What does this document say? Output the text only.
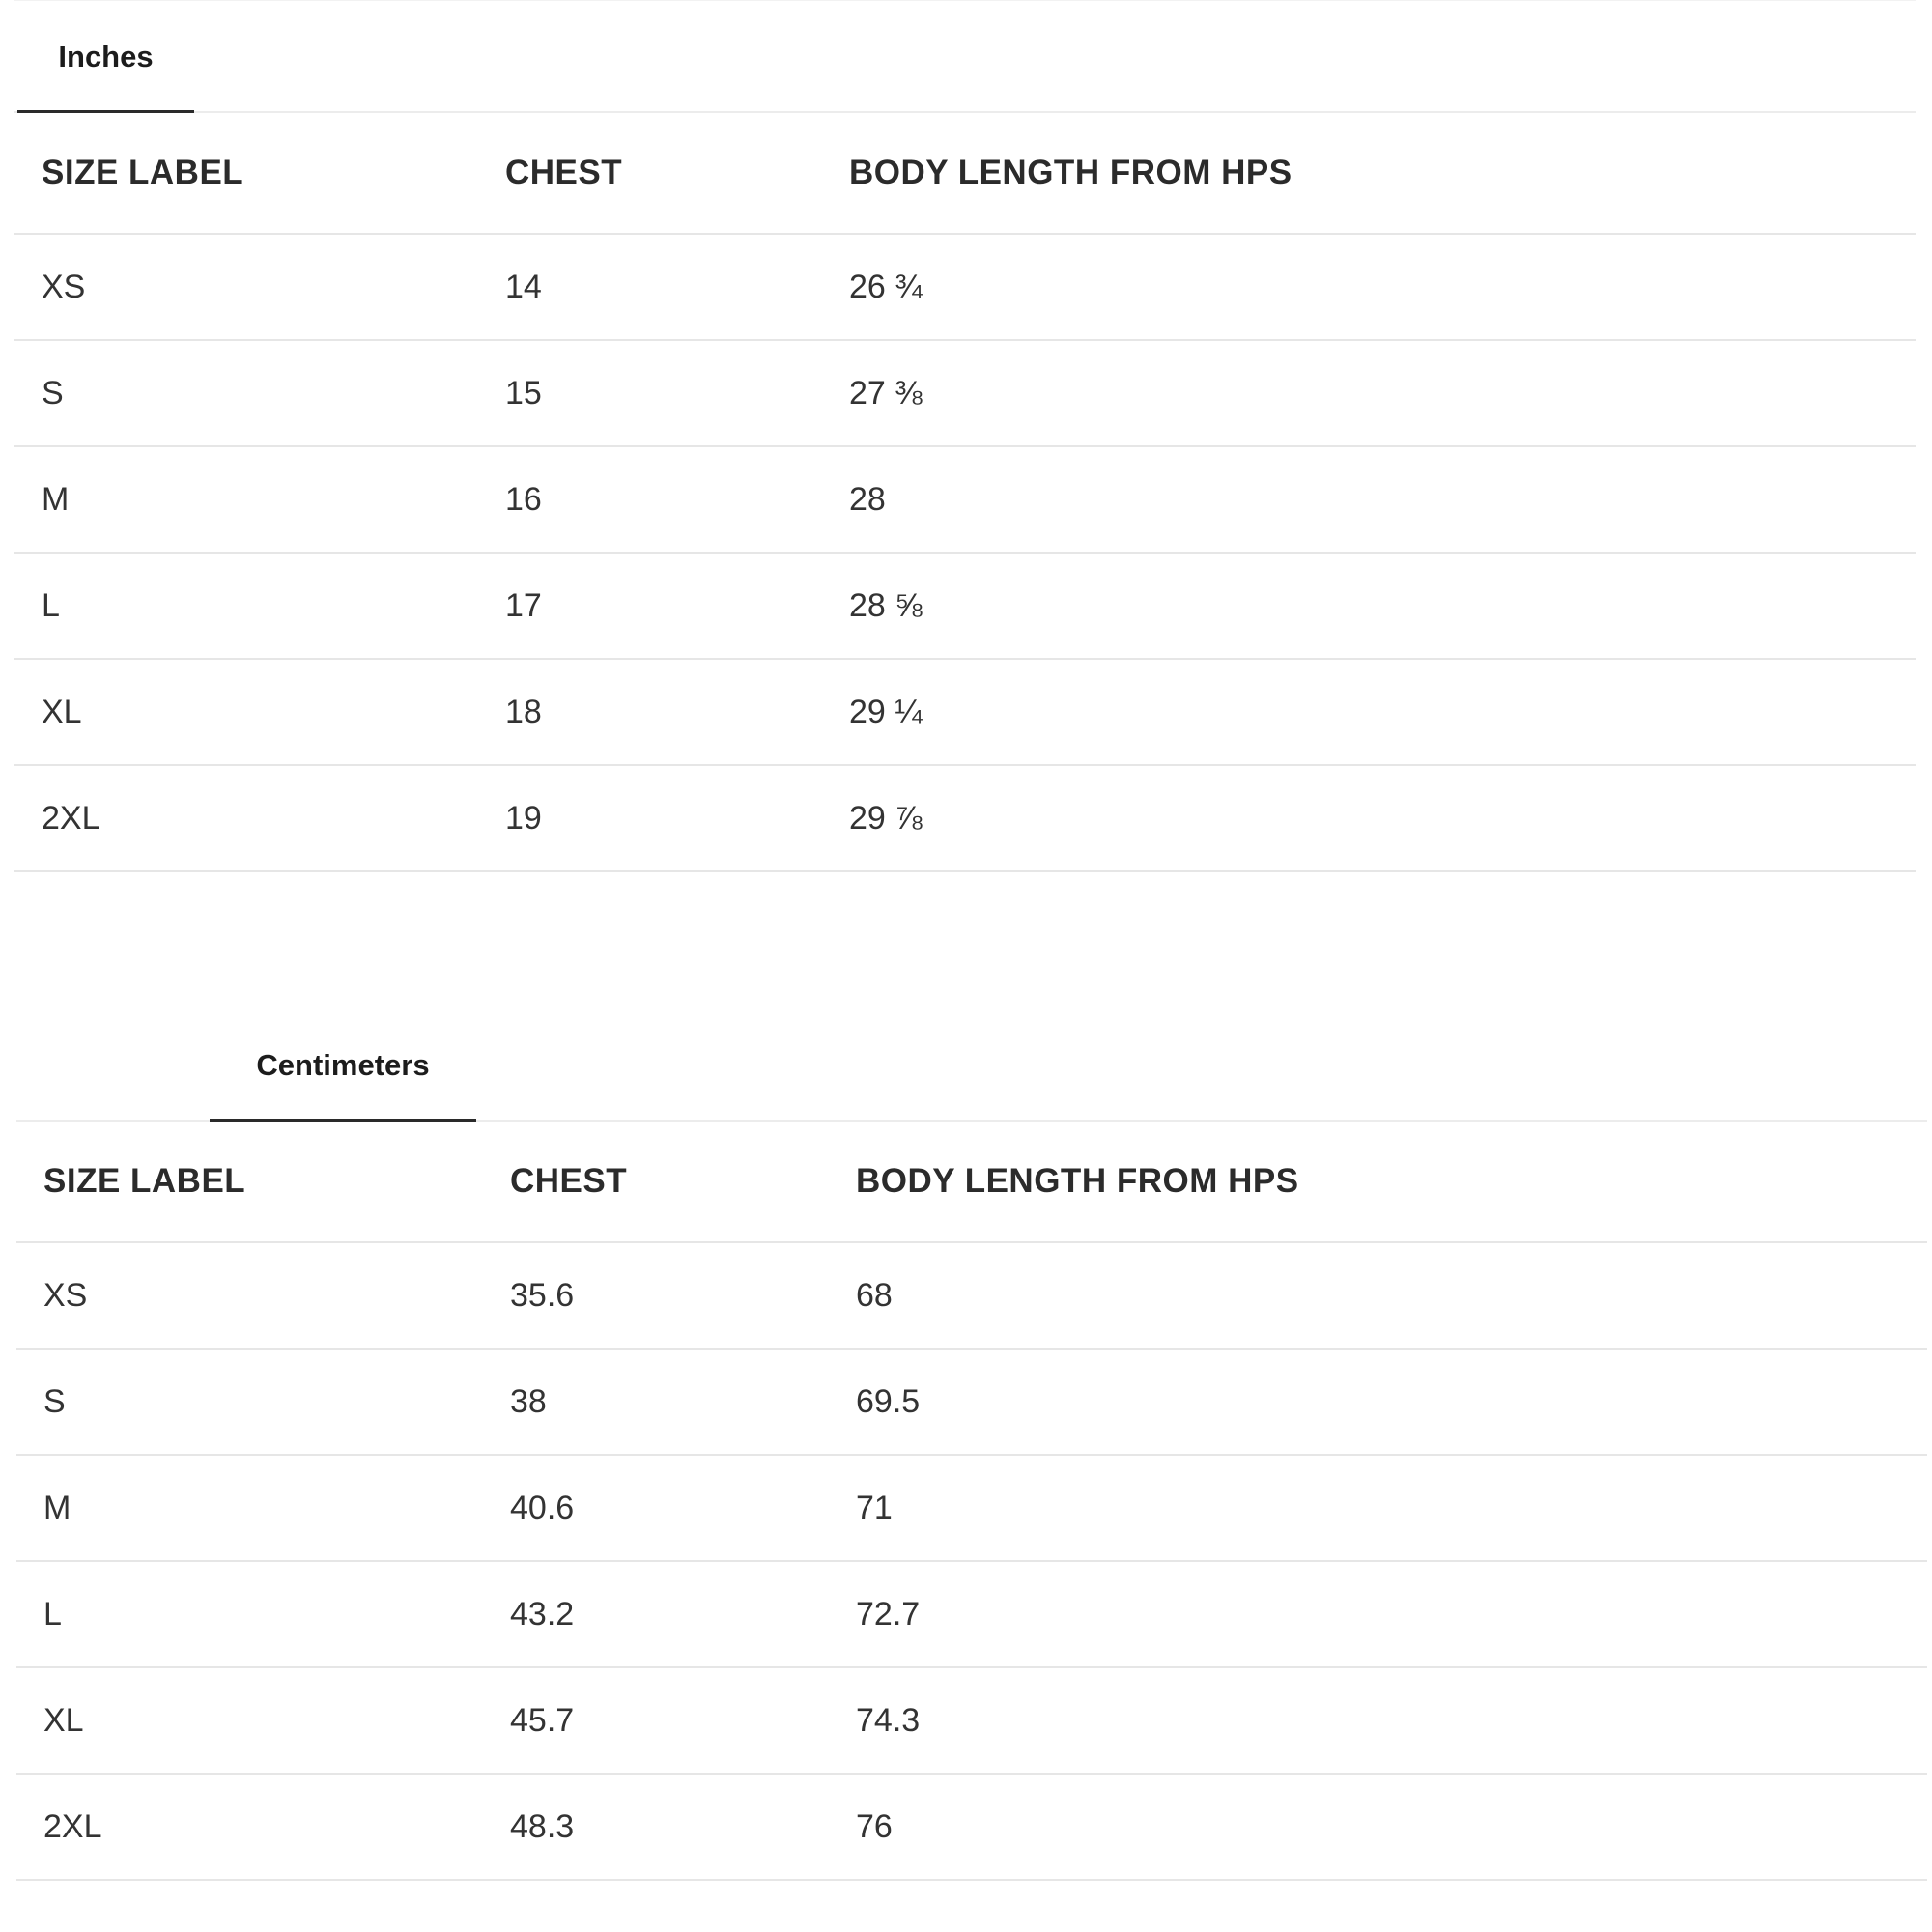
Inches
SIZE LABEL	CHEST	BODY LENGTH FROM HPS
XS	14	26 ¾
S	15	27 ⅜
M	16	28
L	17	28 ⅝
XL	18	29 ¼
2XL	19	29 ⅞
Centimeters
SIZE LABEL	CHEST	BODY LENGTH FROM HPS
XS	35.6	68
S	38	69.5
M	40.6	71
L	43.2	72.7
XL	45.7	74.3
2XL	48.3	76
